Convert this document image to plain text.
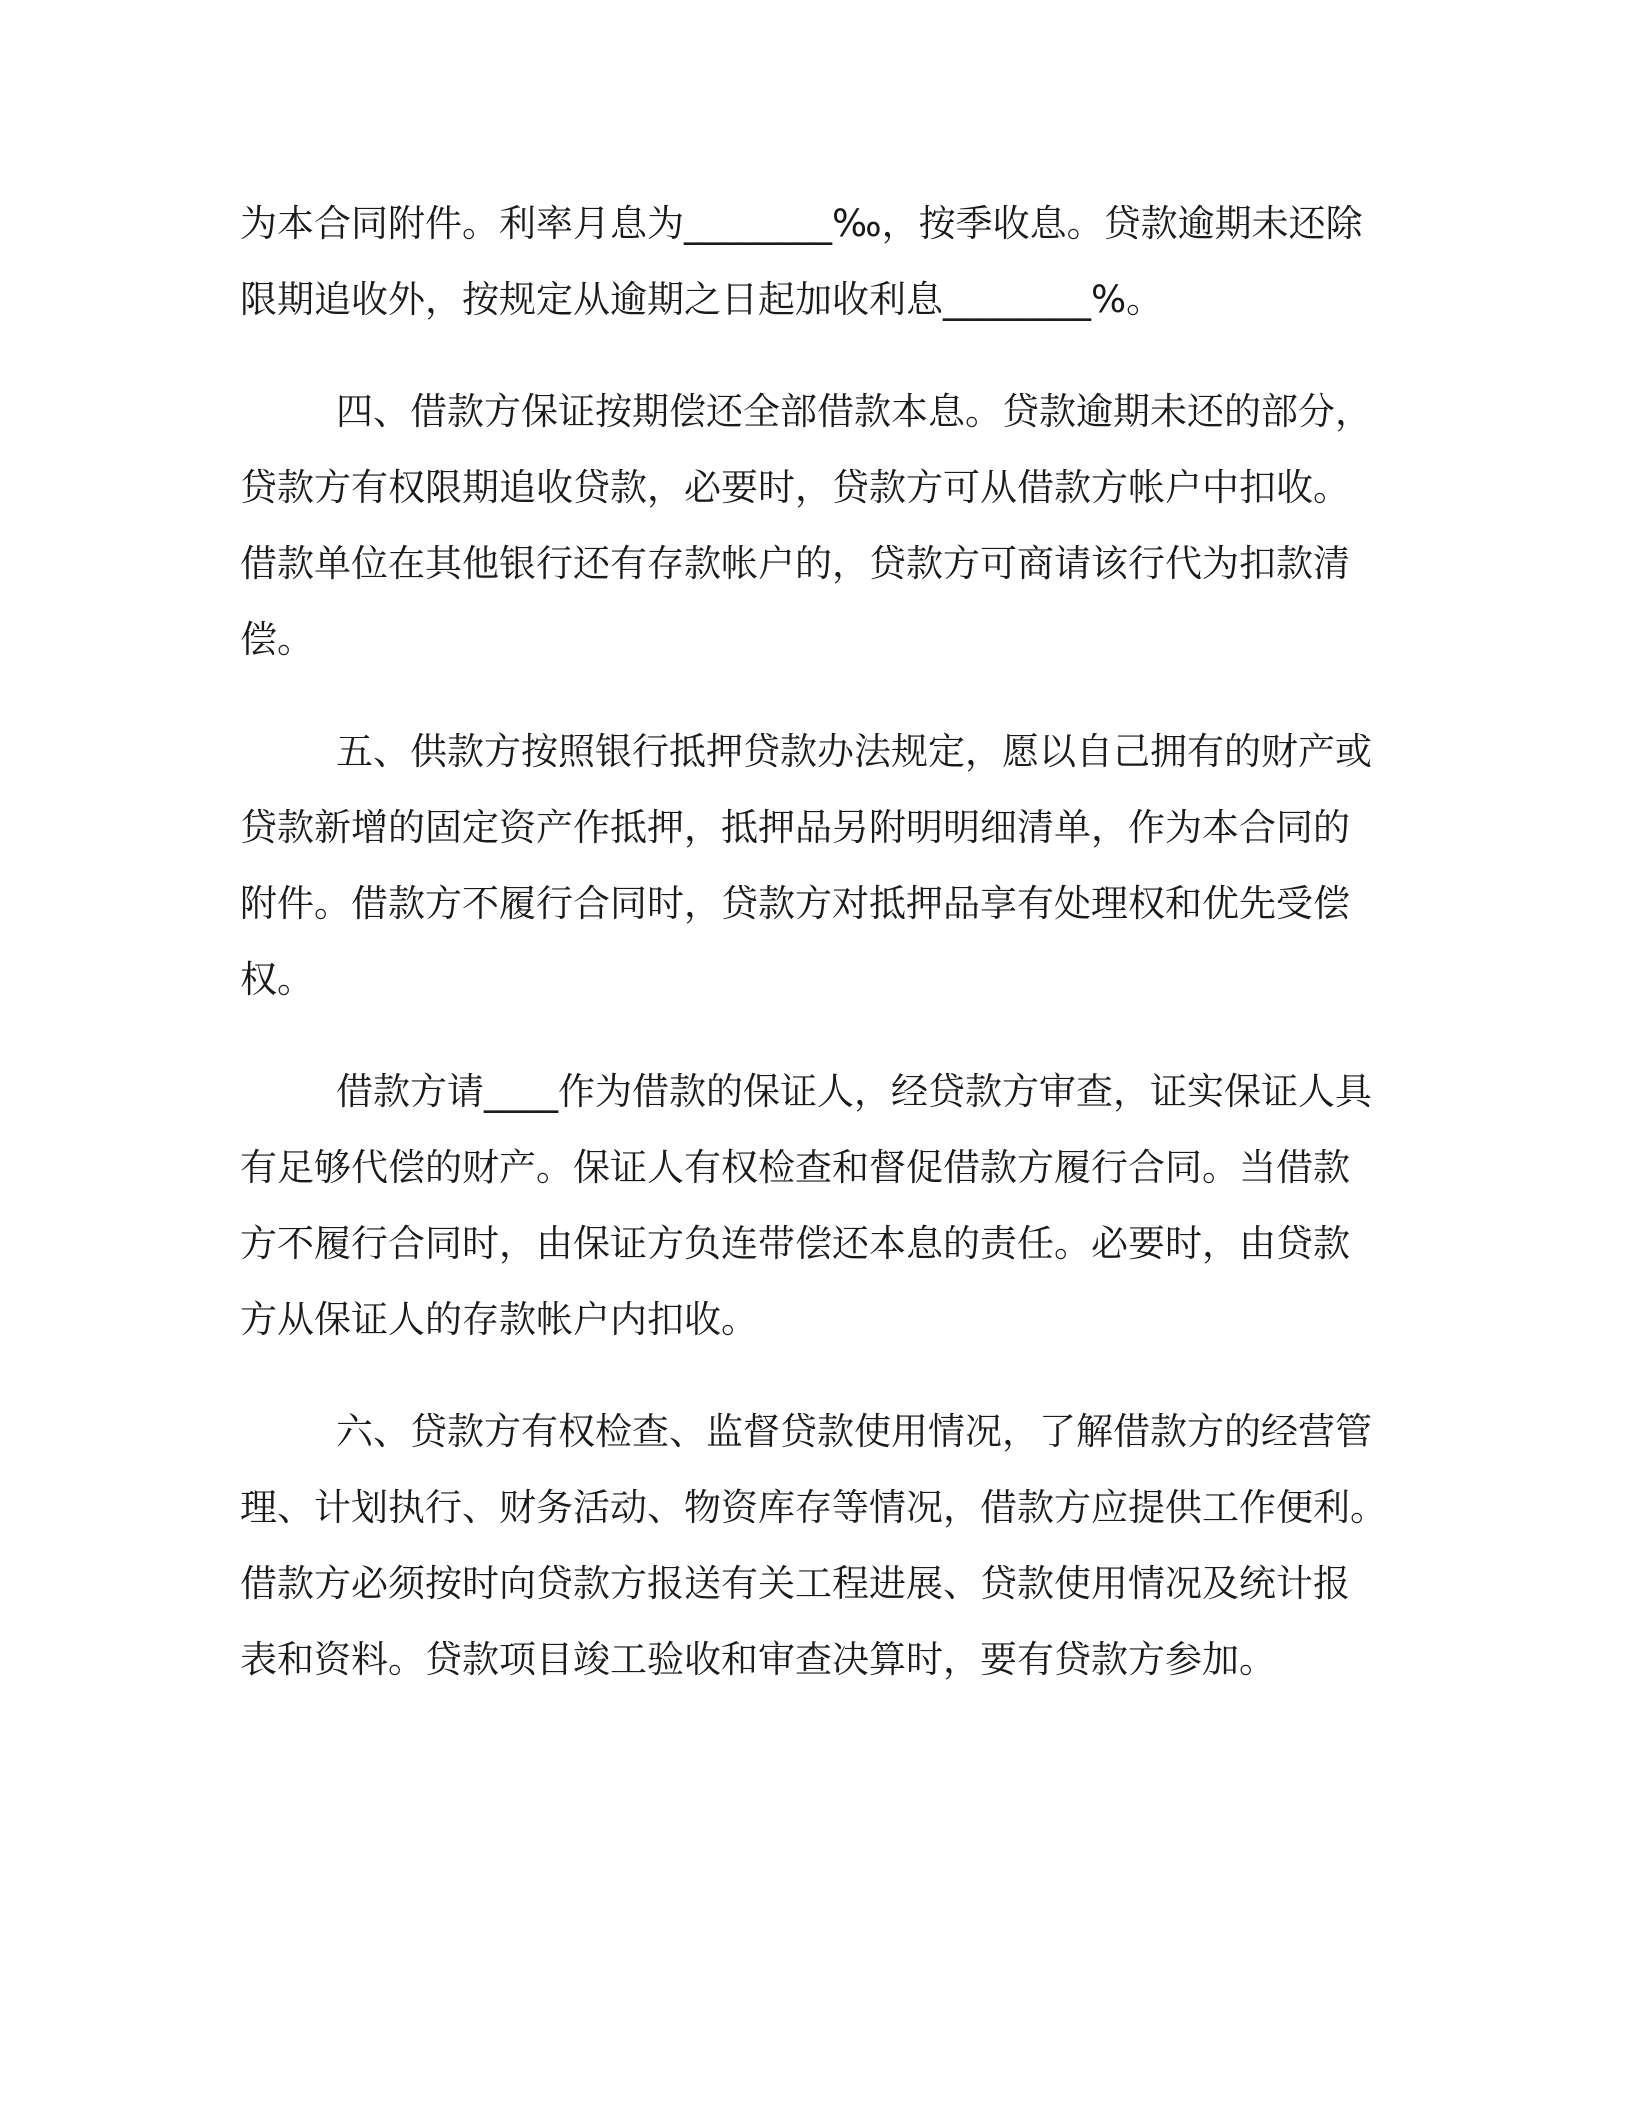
为本合同附件。利率月息为________‰，按季收息。贷款逾期未还除
限期追收外，按规定从逾期之日起加收利息________%。
四、借款方保证按期偿还全部借款本息。贷款逾期未还的部分，
贷款方有权限期追收贷款，必要时，贷款方可从借款方帐户中扣收。
借款单位在其他银行还有存款帐户的，贷款方可商请该行代为扣款清
偿。
五、供款方按照银行抵押贷款办法规定，愿以自己拥有的财产或
贷款新增的固定资产作抵押，抵押品另附明明细清单，作为本合同的
附件。借款方不履行合同时，贷款方对抵押品享有处理权和优先受偿
权。
借款方请____作为借款的保证人，经贷款方审查，证实保证人具
有足够代偿的财产。保证人有权检查和督促借款方履行合同。当借款
方不履行合同时，由保证方负连带偿还本息的责任。必要时，由贷款
方从保证人的存款帐户内扣收。
六、贷款方有权检查、监督贷款使用情况，了解借款方的经营管
理、计划执行、财务活动、物资库存等情况，借款方应提供工作便利。
借款方必须按时向贷款方报送有关工程进展、贷款使用情况及统计报
表和资料。贷款项目竣工验收和审查决算时，要有贷款方参加。
